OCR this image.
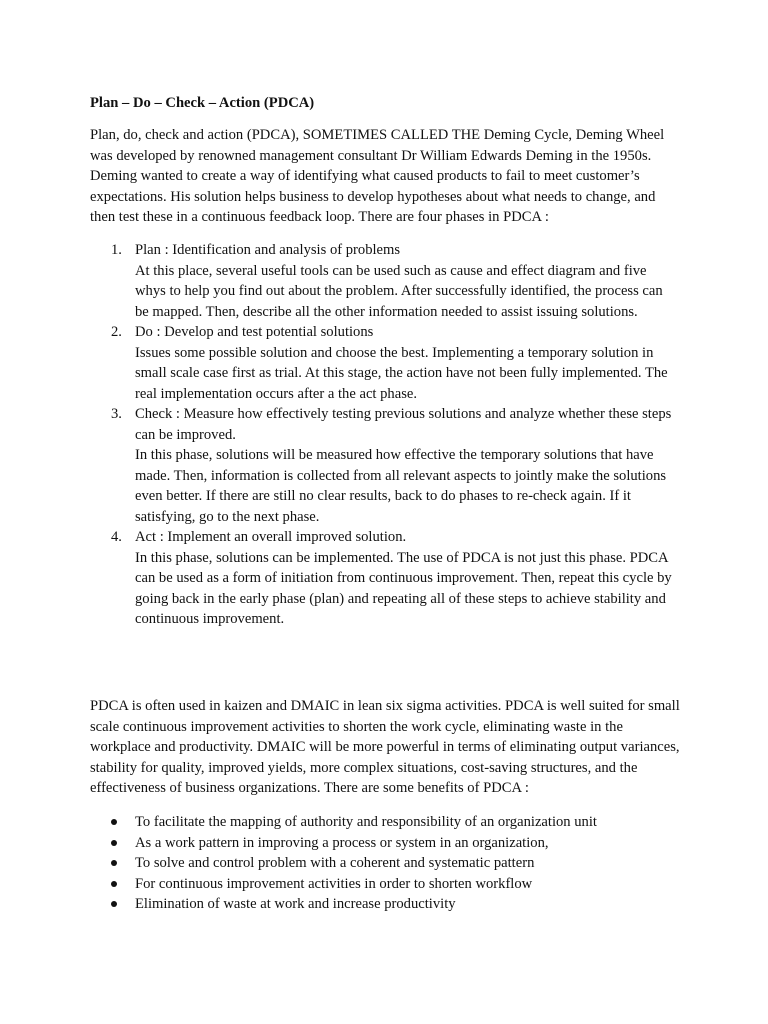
Plan – Do – Check – Action (PDCA)

Plan, do, check and action (PDCA), SOMETIMES CALLED THE Deming Cycle, Deming Wheel was developed by renowned management consultant Dr William Edwards Deming in the 1950s. Deming wanted to create a way of identifying what caused products to fail to meet customer’s expectations. His solution helps business to develop hypotheses about what needs to change, and then test these in a continuous feedback loop. There are four phases in PDCA :

1. Plan : Identification and analysis of problems
At this place, several useful tools can be used such as cause and effect diagram and five whys to help you find out about the problem. After successfully identified, the process can be mapped. Then, describe all the other information needed to assist issuing solutions.
2. Do : Develop and test potential solutions
Issues some possible solution and choose the best. Implementing a temporary solution in small scale case first as trial. At this stage, the action have not been fully implemented. The real implementation occurs after a the act phase.
3. Check : Measure how effectively testing previous solutions and analyze whether these steps can be improved.
In this phase, solutions will be measured how effective the temporary solutions that have made. Then, information is collected from all relevant aspects to jointly make the solutions even better. If there are still no clear results, back to do phases to re-check again. If it satisfying, go to the next phase.
4. Act : Implement an overall improved solution.
In this phase, solutions can be implemented. The use of PDCA is not just this phase. PDCA can be used as a form of initiation from continuous improvement. Then, repeat this cycle by going back in the early phase (plan) and repeating all of these steps to achieve stability and continuous improvement.

PDCA is often used in kaizen and DMAIC in lean six sigma activities. PDCA is well suited for small scale continuous improvement activities to shorten the work cycle, eliminating waste in the workplace and productivity. DMAIC will be more powerful in terms of eliminating output variances, stability for quality, improved yields, more complex situations, cost-saving structures, and the effectiveness of business organizations. There are some benefits of PDCA :

To facilitate the mapping of authority and responsibility of an organization unit
As a work pattern in improving a process or system in an organization,
To solve and control problem with a coherent and systematic pattern
For continuous improvement activities in order to shorten workflow
Elimination of waste at work and increase productivity
